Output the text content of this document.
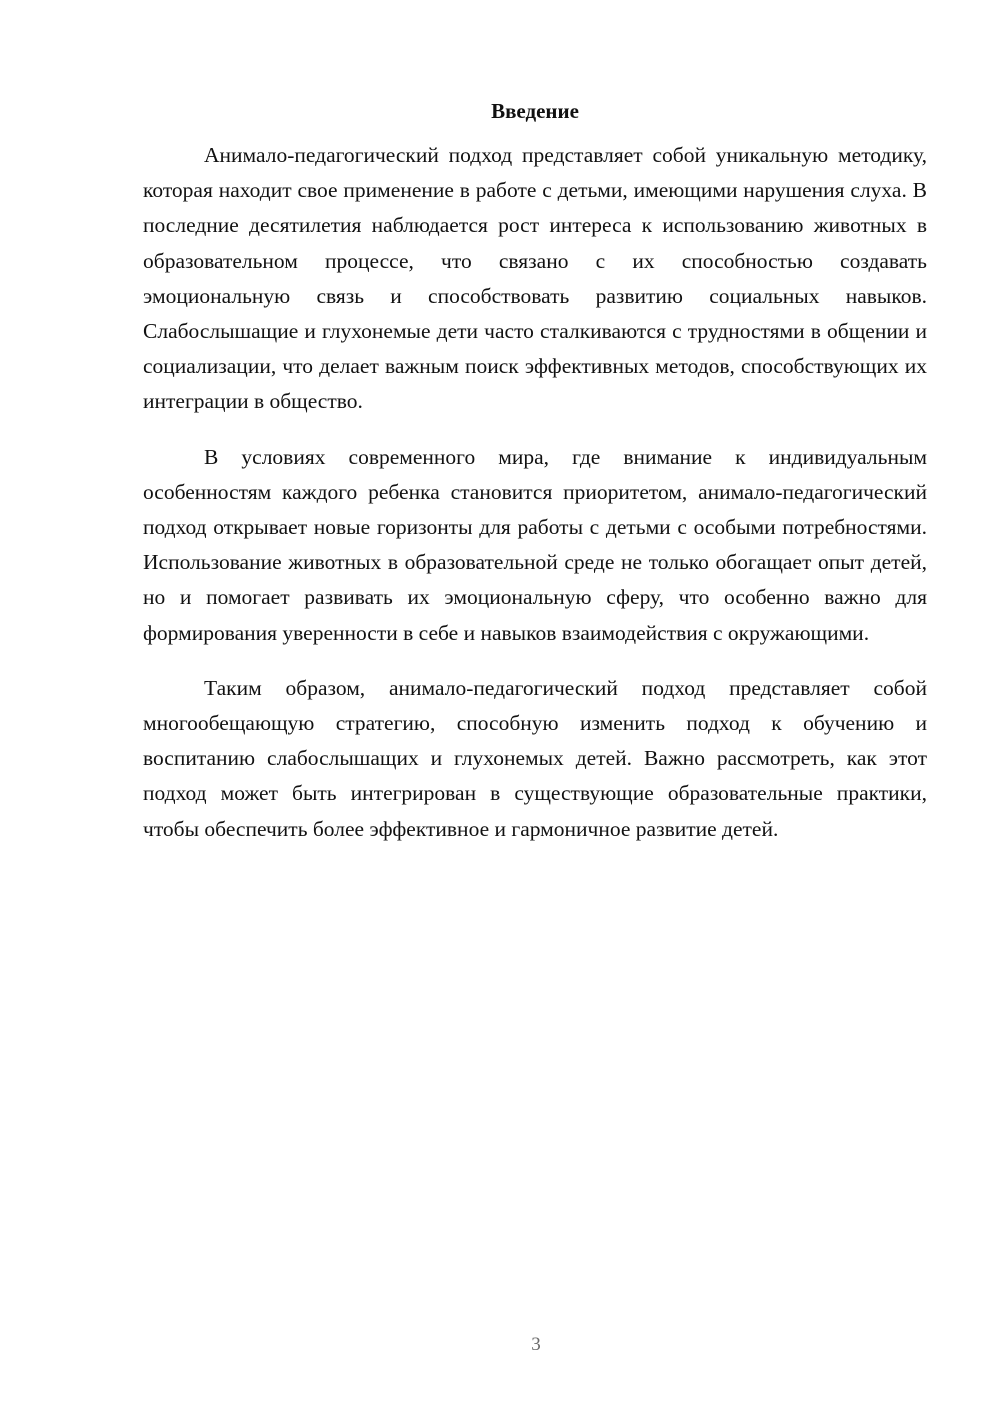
Введение

Анимало-педагогический подход представляет собой уникальную методику, которая находит свое применение в работе с детьми, имеющими нарушения слуха. В последние десятилетия наблюдается рост интереса к использованию животных в образовательном процессе, что связано с их способностью создавать эмоциональную связь и способствовать развитию социальных навыков. Слабослышащие и глухонемые дети часто сталкиваются с трудностями в общении и социализации, что делает важным поиск эффективных методов, способствующих их интеграции в общество.

В условиях современного мира, где внимание к индивидуальным особенностям каждого ребенка становится приоритетом, анимало-педагогический подход открывает новые горизонты для работы с детьми с особыми потребностями. Использование животных в образовательной среде не только обогащает опыт детей, но и помогает развивать их эмоциональную сферу, что особенно важно для формирования уверенности в себе и навыков взаимодействия с окружающими.

Таким образом, анимало-педагогический подход представляет собой многообещающую стратегию, способную изменить подход к обучению и воспитанию слабослышащих и глухонемых детей. Важно рассмотреть, как этот подход может быть интегрирован в существующие образовательные практики, чтобы обеспечить более эффективное и гармоничное развитие детей.

3
